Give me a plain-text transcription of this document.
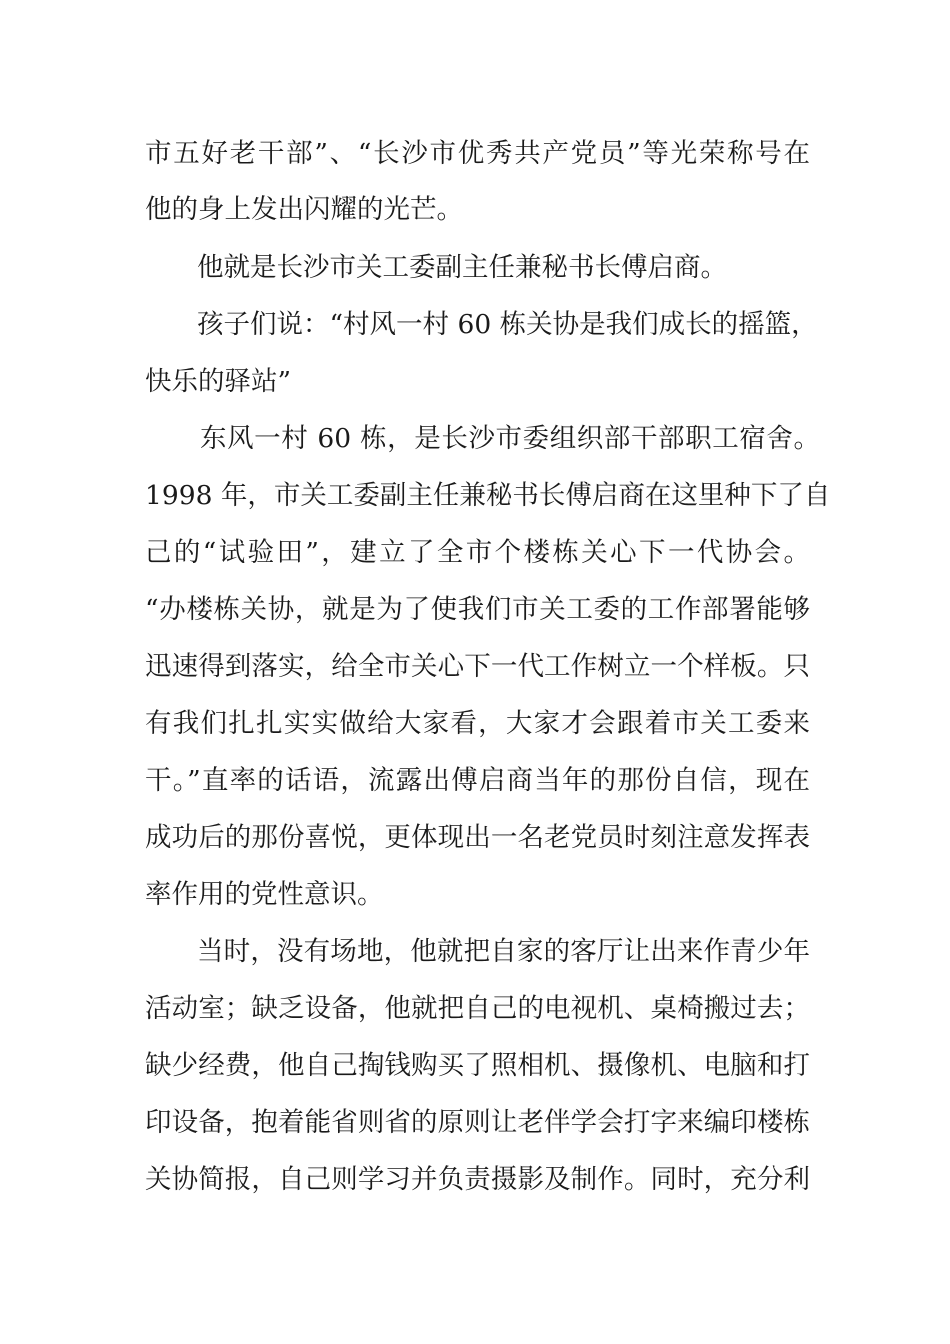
市五好老干部”、“长沙市优秀共产党员”等光荣称号在
他的身上发出闪耀的光芒。
他就是长沙市关工委副主任兼秘书长傅启商。
孩子们说：“村风一村 60 栋关协是我们成长的摇篮，
快乐的驿站”
东风一村 60 栋，是长沙市委组织部干部职工宿舍。
1998 年，市关工委副主任兼秘书长傅启商在这里种下了自
己的“试验田”，建立了全市个楼栋关心下一代协会。
“办楼栋关协，就是为了使我们市关工委的工作部署能够
迅速得到落实，给全市关心下一代工作树立一个样板。只
有我们扎扎实实做给大家看，大家才会跟着市关工委来
干。”直率的话语，流露出傅启商当年的那份自信，现在
成功后的那份喜悦，更体现出一名老党员时刻注意发挥表
率作用的党性意识。
当时，没有场地，他就把自家的客厅让出来作青少年
活动室；缺乏设备，他就把自己的电视机、桌椅搬过去；
缺少经费，他自己掏钱购买了照相机、摄像机、电脑和打
印设备，抱着能省则省的原则让老伴学会打字来编印楼栋
关协简报，自己则学习并负责摄影及制作。同时，充分利
